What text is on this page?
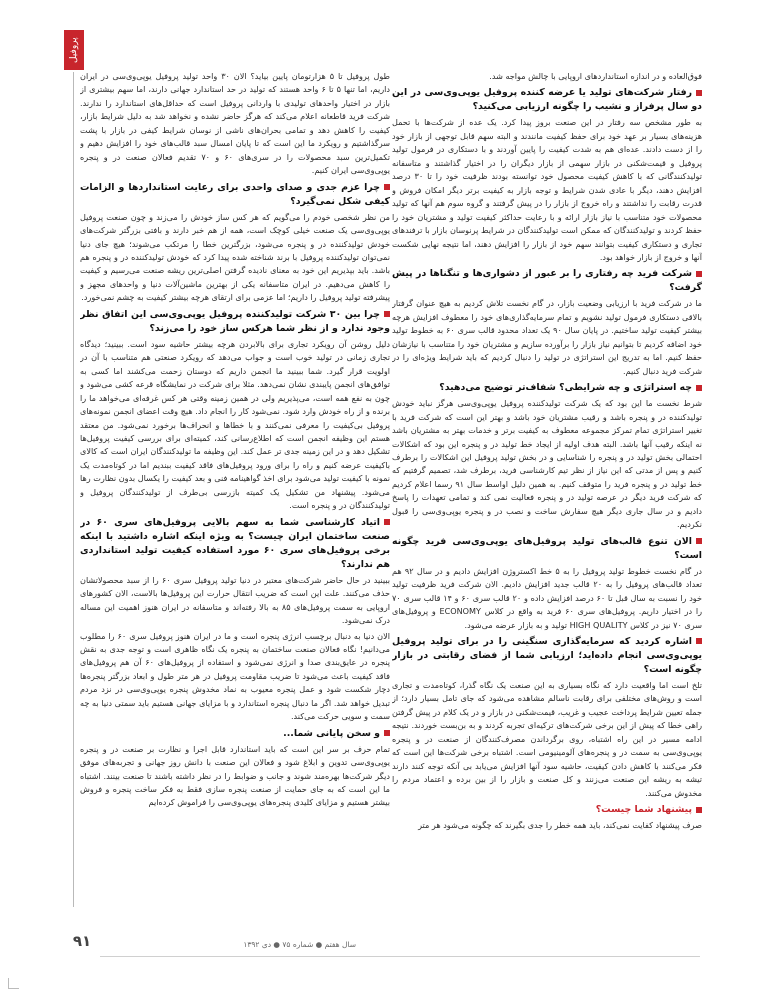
پروفیل

فوق‌العاده و در اندازه استانداردهای اروپایی با چالش مواجه شد.

رفتار شرکت‌های تولید یا عرضه کننده پروفیل یوپی‌وی‌سی در این دو سال پرفراز و نشیب را چگونه ارزیابی می‌کنید؟

به طور مشخص سه رفتار در این صنعت بروز پیدا کرد. یک عده از شرکت‌ها با تحمل هزینه‌های بسیار بر عهد خود برای حفظ کیفیت مانندند و البته سهم قابل توجهی از بازار خود را از دست دادند. عده‌ای هم به شدت کیفیت را پایین آوردند و با دستکاری در فرمول تولید پروفیل و قیمت‌شکنی در بازار سهمی از بازار دیگران را در اختیار گذاشتند و متاسفانه تولیدکنندگانی که با کاهش کیفیت محصول خود توانسته بودند ظرفیت خود را تا ۳۰ درصد افزایش دهند، دیگر با عادی شدن شرایط و توجه بازار به کیفیت برتر دیگر امکان فروش و قدرت رقابت را نداشتند و راه خروج از بازار را در پیش گرفتند و گروه سوم هم آنها که تولید محصولات خود متناسب با نیاز بازار ارائه و با رعایت حداکثر کیفیت تولید و مشتریان خود را حفظ کردند و تولیدکنندگان که ممکن است تولیدکنندگان در شرایط پرنوسان بازار با ترفندهای تجاری و دستکاری کیفیت بتوانند سهم خود از بازار را افزایش دهند، اما نتیجه نهایی شکست آنها و خروج از بازار خواهد بود.

شرکت فرید چه رفتاری را بر عبور از دشواری‌ها و تنگناها در پیش گرفت؟

ما در شرکت فرید با ارزیابی وضعیت بازار، در گام نخست تلاش کردیم به هیچ عنوان گرفتار بالاقی دستکاری فرمول تولید نشویم و تمام سرمایه‌گذاری‌های خود را معطوف افزایش هرچه بیشتر کیفیت تولید ساختیم. در پایان سال ۹۰ یک تعداد محدود قالب سری ۶۰ به خطوط تولید خود اضافه کردیم تا بتوانیم نیاز بازار را برآورده سازیم و مشتریان خود را متناسب با نیازشان حفظ کنیم. اما به تدریج این استراتژی در تولید را دنبال کردیم که باید شرایط ویژه‌ای را در شرکت فرید دنبال کنیم.

چه استراتژی و چه شرایطی؟ شفاف‌تر توضیح می‌دهید؟

شرط نخست ما این بود که یک شرکت تولیدکننده پروفیل یوپی‌وی‌سی هرگز نباید خودش تولیدکننده در و پنجره باشد و رقیب مشتریان خود باشد و بهتر این است که شرکت فرید با تغییر استراتژی تمام تمرکز مجموعه معطوف به کیفیت برتر و خدمات بهتر به مشتریان باشد نه اینکه رقیب آنها باشد. البته هدف اولیه از ایجاد خط تولید در و پنجره این بود که اشکالات احتمالی بخش تولید در و پنجره را شناسایی و در بخش تولید پروفیل این اشکالات را برطرف کنیم و پس از مدتی که این نیاز از نظر تیم کارشناسی فرید، برطرف شد، تصمیم گرفتیم که خط تولید در و پنجره فرید را متوقف کنیم. به همین دلیل اواسط سال ۹۱ رسما اعلام کردیم که شرکت فرید دیگر در عرصه تولید در و پنجره فعالیت نمی کند و تمامی تعهدات را پاسخ دادیم و در سال جاری دیگر هیچ سفارش ساخت و نصب در و پنجره یوپی‌وی‌سی را قبول نکردیم.

الان تنوع قالب‌های تولید پروفیل‌های یوپی‌وی‌سی فرید چگونه است؟

در گام نخست خطوط تولید پروفیل را به ۵ خط اکستروژن افزایش دادیم و در سال ۹۲ هم تعداد قالب‌های پروفیل را به ۲۰ قالب جدید افزایش دادیم. الان شرکت فرید ظرفیت تولید خود را نسبت به سال قبل تا ۶۰ درصد افزایش داده و ۲۰ قالب سری ۶۰ و ۱۴ قالب سری ۷۰ را در اختیار داریم. پروفیل‌های سری ۶۰ فرید به واقع در کلاس ECONOMY و پروفیل‌های سری ۷۰ نیز در کلاس HIGH QUALITY تولید و به بازار عرضه می‌شود.

اشاره کردید که سرمایه‌گذاری سنگینی را در برای تولید پروفیل یوپی‌وی‌سی انجام داده‌اید؛ ارزیابی شما از فضای رقابتی در بازار چگونه است؟

تلخ است اما واقعیت دارد که نگاه بسیاری به این صنعت یک نگاه گذرا، کوتاه‌مدت و تجاری است و روش‌های مختلفی برای رقابت ناسالم مشاهده می‌شود که جای تامل بسیار دارد؛ از جمله تعیین شرایط پرداخت عجیب و غریب، قیمت‌شکنی در بازار و در یک کلام در پیش گرفتن راهی خطا که پیش از این برخی شرکت‌های ترکیه‌ای تجربه کردند و به بن‌بست خوردند. نتیجه ادامه مسیر در این راه اشتباه، روی برگرداندن مصرف‌کنندگان از صنعت در و پنجره یوپی‌وی‌سی به سمت در و پنجره‌های آلومینیومی است. اشتباه برخی شرکت‌ها این است که فکر می‌کنند با کاهش دادن کیفیت، حاشیه سود آنها افزایش می‌یابد بی آنکه توجه کنند دارند تیشه به ریشه این صنعت می‌زنند و کل صنعت و بازار را از بین برده و اعتماد مردم را مخدوش می‌کنند.

پیشنهاد شما چیست؟

صرف پیشنهاد کفایت نمی‌کند، باید همه خطر را جدی بگیرند که چگونه می‌شود هر متر

طول پروفیل تا ۵ هزارتومان پایین بیاید؟ الان ۳۰ واحد تولید پروفیل یوپی‌وی‌سی در ایران داریم، اما تنها ۵ تا ۶ واحد هستند که تولید در حد استاندارد جهانی دارند، اما سهم بیشتری از بازار در اختیار واحدهای تولیدی با واردانی پروفیل است که حداقل‌های استاندارد را ندارند. شرکت فرید قاطعانه اعلام می‌کند که هرگز حاضر نشده و نخواهد شد به دلیل شرایط بازار، کیفیت را کاهش دهد و تمامی بحران‌های ناشی از نوسان شرایط کیفی در بازار با پشت سرگذاشتیم و رویکرد ما این است که تا پایان امسال سبد قالب‌های خود را افزایش دهیم و تکمیل‌ترین سبد محصولات را در سری‌های ۶۰ و ۷۰ تقدیم فعالان صنعت در و پنجره یوپی‌وی‌سی ایران کنیم.

چرا عزم جدی و صدای واحدی برای رعایت استانداردها و الزامات کیفی شکل نمی‌گیرد؟

من نظر شخصی خودم را می‌گویم که هر کس ساز خودش را می‌زند و چون صنعت پروفیل یوپی‌وی‌سی یک صنعت خیلی کوچک است، همه از هم خبر دارند و بافتی بزرگتر شرکت‌های خودش تولیدکننده در و پنجره می‌شود، بزرگترین خطا را مرتکب می‌شوند؛ هیچ جای دنیا نمی‌توان تولیدکننده پروفیل با برند شناخته شده پیدا کرد که خودش تولیدکننده در و پنجره هم باشد. باید بپذیریم این خود به معنای نادیده گرفتن اصلی‌ترین ریشه صنعت می‌رسیم و کیفیت را کاهش می‌دهیم. در ایران متاسفانه یکی از بهترین ماشین‌آلات دنیا و واحدهای مجهز و پیشرفته تولید پروفیل را داریم؛ اما عزمی برای ارتقای هرچه بیشتر کیفیت به چشم نمی‌خورد.

چرا بین ۳۰ شرکت تولیدکننده پروفیل یوپی‌وی‌سی این اتفاق نظر وجود ندارد و از نظر شما هرکس ساز خود را می‌زند؟

دلیل روشن آن رویکرد تجاری برای بالابردن هرچه بیشتر حاشیه سود است. ببینید؛ دیدگاه تجاری زمانی در تولید خوب است و جواب می‌دهد که رویکرد صنعتی هم متناسب با آن در اولویت قرار گیرد. شما ببینید ما انجمن داریم که دوستان زحمت می‌کشند اما کسی به توافق‌های انجمن پایبندی نشان نمی‌دهد. مثلا برای شرکت در نمایشگاه قرعه کشی می‌شود و چون به نفع همه است، می‌پذیریم ولی در همین زمینه وقتی هر کس غرفه‌ای می‌خواهد ما را برنده و از راه خودش وارد شود. نمی‌شود کار را انجام داد. هیچ وقت اعضای انجمن نمونه‌های پروفیل بی‌کیفیت را معرفی نمی‌کنند و با خطاها و انحراف‌ها برخورد نمی‌شود. من معتقد هستم این وظیفه انجمن است که اطلاع‌رسانی کند، کمیته‌ای برای بررسی کیفیت پروفیل‌ها تشکیل دهد و در این زمینه جدی تر عمل کند. این وظیفه ما تولیدکنندگان ایران است که کالای باکیفیت عرضه کنیم و راه را برای ورود پروفیل‌های فاقد کیفیت ببندیم اما در کوتاه‌مدت یک نمونه با کیفیت تولید می‌شود برای اخذ گواهینامه فنی و بعد کیفیت را یکسال بدون نظارت رها می‌شود. پیشنهاد من تشکیل یک کمیته بازرسی بی‌طرف از تولیدکنندگان پروفیل و تولیدکنندگان در و پنجره است.

اتیاد کارشناسی شما به سهم بالایی پروفیل‌های سری ۶۰ در صنعت ساختمان ایران چیست؟ به ویژه اینکه اشاره داشتید با اینکه برخی پروفیل‌های سری ۶۰ مورد استفاده کیفیت تولید استانداردی هم ندارند؟

ببینید در حال حاضر شرکت‌های معتبر در دنیا تولید پروفیل سری ۶۰ را از سبد محصولاتشان حذف می‌کنند. علت این است که ضریب انتقال حرارت این پروفیل‌ها بالاست، الان کشورهای اروپایی به سمت پروفیل‌های ۸۵ به بالا رفته‌اند و متاسفانه در ایران هنوز اهمیت این مساله درک نمی‌شود.

الان دنیا به دنبال برچسب انرژی پنجره است و ما در ایران هنوز پروفیل سری ۶۰ را مطلوب می‌دانیم! نگاه فعالان صنعت ساختمان به پنجره یک نگاه ظاهری است و توجه جدی به نقش پنجره در عایق‌بندی صدا و انرژی نمی‌شود و استفاده از پروفیل‌های ۶۰ آن هم پروفیل‌های فاقد کیفیت باعث می‌شود تا ضریب مقاومت پروفیل در هر متر طول و ابعاد بزرگتر پنجره‌ها دچار شکست شود و عمل پنجره معیوب به نماد مخدوش پنجره یوپی‌وی‌سی در نزد مردم تبدیل خواهد شد. اگر ما دنبال پنجره استاندارد و با مزایای جهانی هستیم باید سمتی دنیا به چه سمت و سویی حرکت می‌کند.

و سخن پایانی شما...

تمام حرف بر سر این است که باید استاندارد قابل اجرا و نظارت بر صنعت در و پنجره یوپی‌وی‌سی تدوین و ابلاغ شود و فعالان این صنعت با دانش روز جهانی و تجربه‌های موفق دیگر شرکت‌ها بهره‌مند شوند و جانب و ضوابط را در نظر داشته باشند تا صنعت بینند. اشتباه ما این است که به جای حمایت از صنعت پنجره سازی فقط به فکر ساخت پنجره و فروش بیشتر هستیم و مزایای کلیدی پنجره‌های یوپی‌وی‌سی را فراموش کرده‌ایم

۹۱	سال هفتم ● شماره ۷۵ ● دی ۱۳۹۲
